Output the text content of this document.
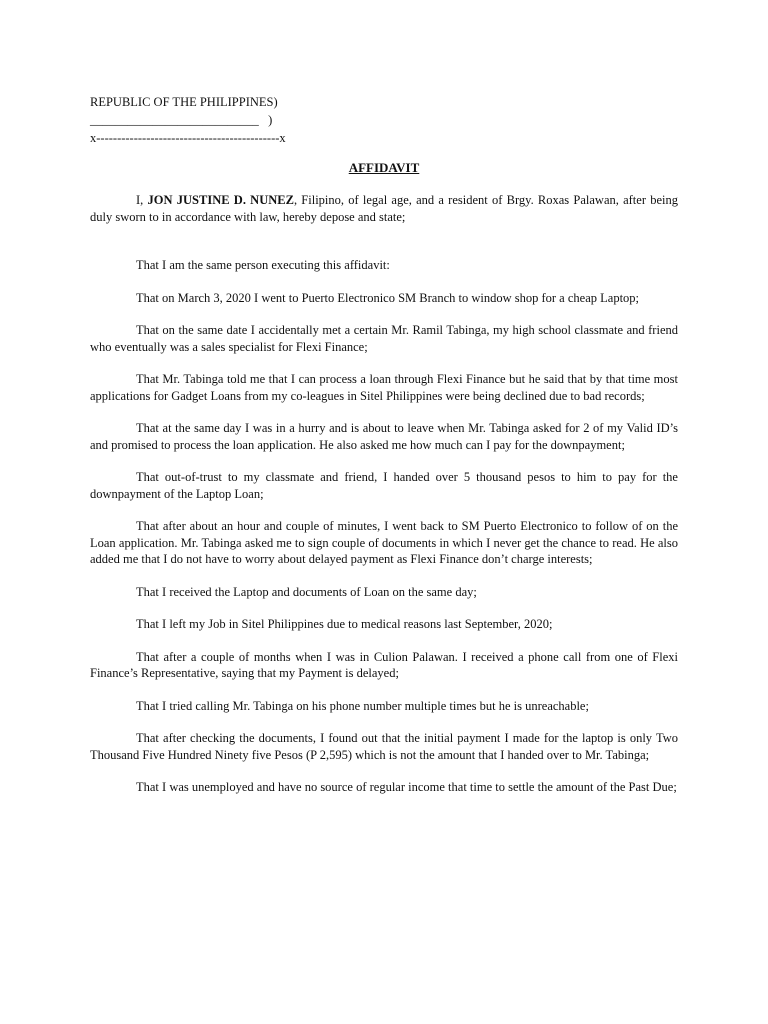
REPUBLIC OF THE PHILIPPINES)
___________________________   )
x--------------------------------------------x
AFFIDAVIT

I, JON JUSTINE D. NUNEZ, Filipino, of legal age, and a resident of Brgy. Roxas Palawan, after being duly sworn to in accordance with law, hereby depose and state;

That I am the same person executing this affidavit:

That on March 3, 2020 I went to Puerto Electronico SM Branch to window shop for a cheap Laptop;

That on the same date I accidentally met a certain Mr. Ramil Tabinga, my high school classmate and friend who eventually was a sales specialist for Flexi Finance;

That Mr. Tabinga told me that I can process a loan through Flexi Finance but he said that by that time most applications for Gadget Loans from my co-leagues in Sitel Philippines were being declined due to bad records;

That at the same day I was in a hurry and is about to leave when Mr. Tabinga asked for 2 of my Valid ID’s and promised to process the loan application. He also asked me how much can I pay for the downpayment;

That out-of-trust to my classmate and friend, I handed over 5 thousand pesos to him to pay for the downpayment of the Laptop Loan;

That after about an hour and couple of minutes, I went back to SM Puerto Electronico to follow of on the Loan application. Mr. Tabinga asked me to sign couple of documents in which I never get the chance to read. He also added me that I do not have to worry about delayed payment as Flexi Finance don’t charge interests;

That I received the Laptop and documents of Loan on the same day;

That I left my Job in Sitel Philippines due to medical reasons last September, 2020;

That after a couple of months when I was in Culion Palawan. I received a phone call from one of Flexi Finance’s Representative, saying that my Payment is delayed;

That I tried calling Mr. Tabinga on his phone number multiple times but he is unreachable;

That after checking the documents, I found out that the initial payment I made for the laptop is only Two Thousand Five Hundred Ninety five Pesos (P 2,595) which is not the amount that I handed over to Mr. Tabinga;

That I was unemployed and have no source of regular income that time to settle the amount of the Past Due;
